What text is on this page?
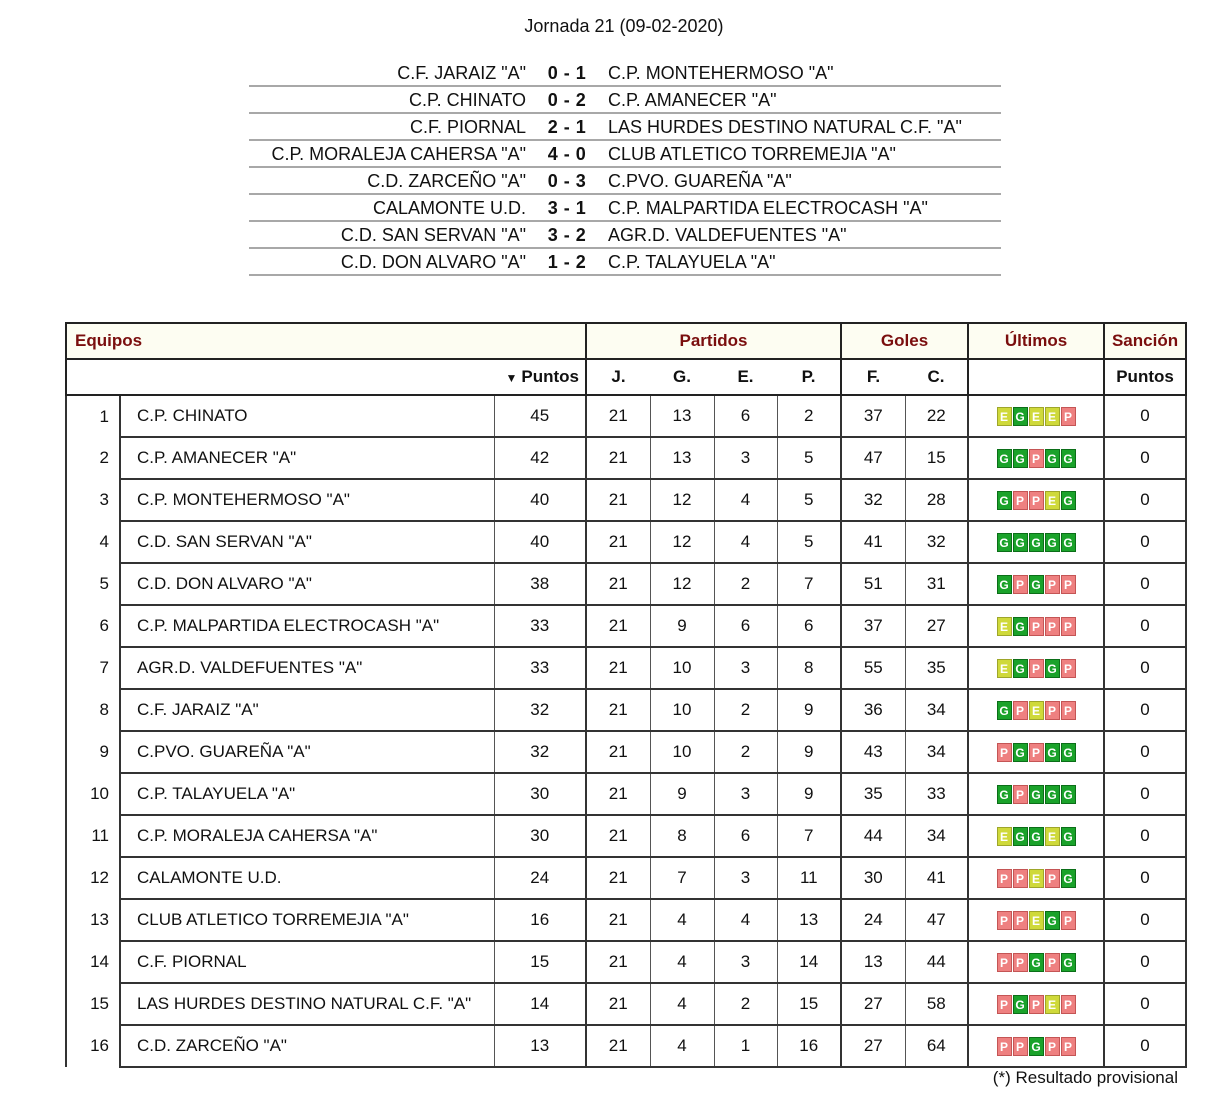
Jornada 21 (09-02-2020)
C.F. JARAIZ "A"	0 - 1	C.P. MONTEHERMOSO "A"
C.P. CHINATO	0 - 2	C.P. AMANECER "A"
C.F. PIORNAL	2 - 1	LAS HURDES DESTINO NATURAL C.F. "A"
C.P. MORALEJA CAHERSA "A"	4 - 0	CLUB ATLETICO TORREMEJIA "A"
C.D. ZARCEÑO "A"	0 - 3	C.PVO. GUAREÑA "A"
CALAMONTE U.D.	3 - 1	C.P. MALPARTIDA ELECTROCASH "A"
C.D. SAN SERVAN "A"	3 - 2	AGR.D. VALDEFUENTES "A"
C.D. DON ALVARO "A"	1 - 2	C.P. TALAYUELA "A"
Equipos			Partidos				Goles		Últimos	Sanción
		▼ Puntos	J.	G.	E.	P.	F.	C.		Puntos
1	C.P. CHINATO	45	21	13	6	2	37	22	E G E E P	0
2	C.P. AMANECER "A"	42	21	13	3	5	47	15	G G P G G	0
3	C.P. MONTEHERMOSO "A"	40	21	12	4	5	32	28	G P P E G	0
4	C.D. SAN SERVAN "A"	40	21	12	4	5	41	32	G G G G G	0
5	C.D. DON ALVARO "A"	38	21	12	2	7	51	31	G P G P P	0
6	C.P. MALPARTIDA ELECTROCASH "A"	33	21	9	6	6	37	27	E G P P P	0
7	AGR.D. VALDEFUENTES "A"	33	21	10	3	8	55	35	E G P G P	0
8	C.F. JARAIZ "A"	32	21	10	2	9	36	34	G P E P P	0
9	C.PVO. GUAREÑA "A"	32	21	10	2	9	43	34	P G P G G	0
10	C.P. TALAYUELA "A"	30	21	9	3	9	35	33	G P G G G	0
11	C.P. MORALEJA CAHERSA "A"	30	21	8	6	7	44	34	E G G E G	0
12	CALAMONTE U.D.	24	21	7	3	11	30	41	P P E P G	0
13	CLUB ATLETICO TORREMEJIA "A"	16	21	4	4	13	24	47	P P E G P	0
14	C.F. PIORNAL	15	21	4	3	14	13	44	P P G P G	0
15	LAS HURDES DESTINO NATURAL C.F. "A"	14	21	4	2	15	27	58	P G P E P	0
16	C.D. ZARCEÑO "A"	13	21	4	1	16	27	64	P P G P P	0
(*) Resultado provisional
